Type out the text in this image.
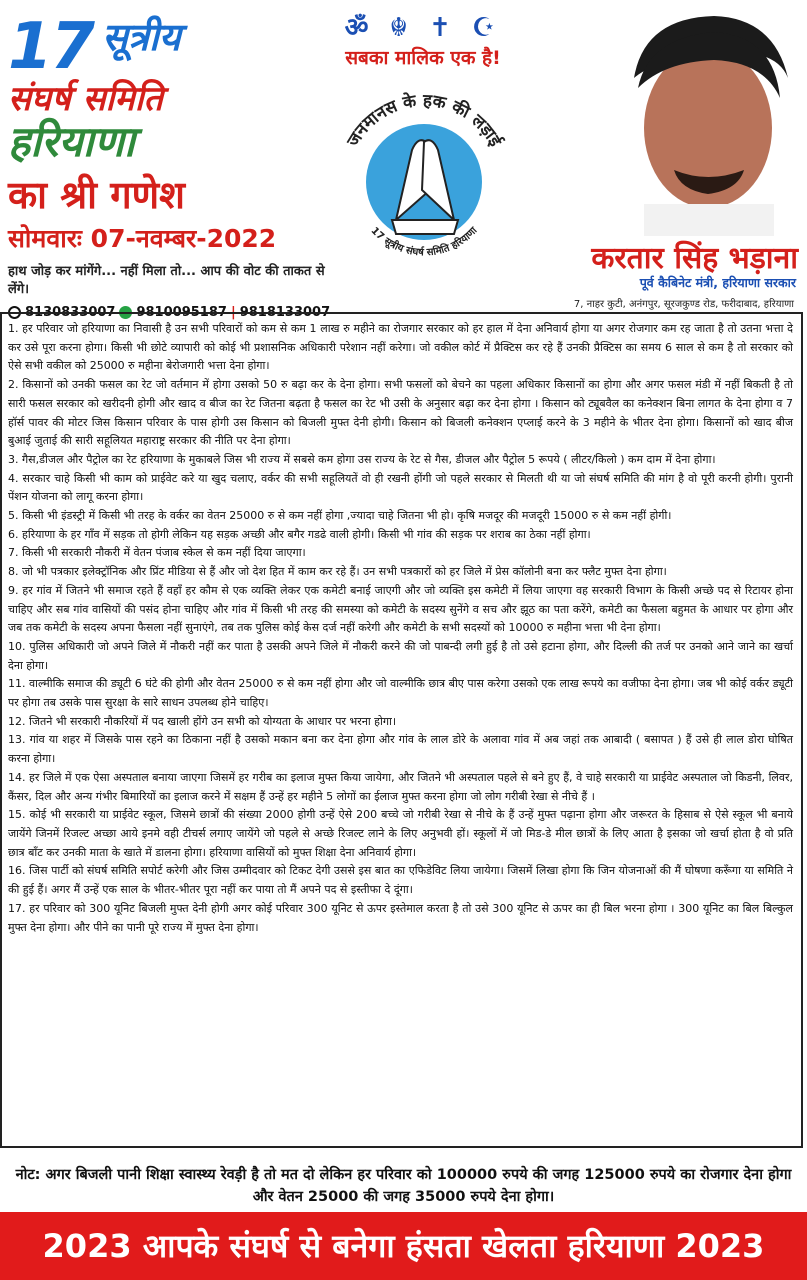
17 सूत्रीय
संघर्ष समिति
हरियाणा
का श्री गणेश
सोमवारः 07-नवम्बर-2022
हाथ जोड़ कर मांगेंगे... नहीं मिला तो... आप की वोट की ताकत से लेंगे।
8130833007 9810095187 | 9818133007
ॐ ☬ ✝ ☪
सबका मालिक एक है!
जनमानस के हक की लड़ाई
17 सूत्रीय संघर्ष समिति हरियाणा
करतार सिंह भड़ाना
पूर्व कैबिनेट मंत्री, हरियाणा सरकार
7, नाहर कुटी, अनंगपुर, सूरजकुण्ड रोड, फरीदाबाद, हरियाणा

1. हर परिवार जो हरियाणा का निवासी है उन सभी परिवारों को कम से कम 1 लाख रु महीने का रोजगार सरकार को हर हाल में देना अनिवार्य होगा या अगर रोजगार कम रह जाता है तो उतना भत्ता दे कर उसे पूरा करना होगा। किसी भी छोटे व्यापारी को कोई भी प्रशासनिक अधिकारी परेशान नहीं करेगा। जो वकील कोर्ट में प्रैक्टिस कर रहे हैं उनकी प्रैक्टिस का समय 6 साल से कम है तो सरकार को ऐसे सभी वकील को 25000 रु महीना बेरोजगारी भत्ता देना होगा।

2. किसानों को उनकी फसल का रेट जो वर्तमान में होगा उसको 50 रु बढ़ा कर के देना होगा। सभी फसलों को बेचने का पहला अधिकार किसानों का होगा और अगर फसल मंडी में नहीं बिकती है तो सारी फसल सरकार को खरीदनी होगी और खाद व बीज का रेट जितना बढ़ता है फसल का रेट भी उसी के अनुसार बढ़ा कर देना होगा । किसान को ट्यूबवैल का कनेक्शन बिना लागत के देना होगा व 7 हॉर्स पावर की मोटर जिस किसान परिवार के पास होगी उस किसान को बिजली मुफ्त देनी होगी। किसान को बिजली कनेक्शन एप्लाई करने के 3 महीने के भीतर देना होगा। किसानों को खाद बीज बुआई जुताई की सारी सहूलियत महाराष्ट्र सरकार की नीति पर देना होगा।

3. गैस,डीजल और पैट्रोल का रेट हरियाणा के मुकाबले जिस भी राज्य में सबसे कम होगा उस राज्य के रेट से गैस, डीजल और पैट्रोल 5 रूपये ( लीटर/किलो ) कम दाम में देना होगा।

4. सरकार चाहे किसी भी काम को प्राईवेट करे या खुद चलाए, वर्कर की सभी सहूलियतें वो ही रखनी होंगी जो पहले सरकार से मिलती थी या जो संघर्ष समिति की मांग है वो पूरी करनी होगी। पुरानी पेंशन योजना को लागू करना होगा।

5. किसी भी इंडस्ट्री में किसी भी तरह के वर्कर का वेतन 25000 रु से कम नहीं होगा ,ज्यादा चाहे जितना भी हो। कृषि मजदूर की मजदूरी 15000 रु से कम नहीं होगी।

6. हरियाणा के हर गाँव में सड़क तो होगी लेकिन यह सड़क अच्छी और बगैर गडढे वाली होगी। किसी भी गांव की सड़क पर शराब का ठेका नहीं होगा।

7. किसी भी सरकारी नौकरी में वेतन पंजाब स्केल से कम नहीं दिया जाएगा।

8. जो भी पत्रकार इलेक्ट्रॉनिक और प्रिंट मीडिया से हैं और जो देश हित में काम कर रहे हैं। उन सभी पत्रकारों को हर जिले में प्रेस कॉलोनी बना कर फ्लैट मुफ्त देना होगा।

9. हर गांव में जितने भी समाज रहते हैं वहाँ हर कौम से एक व्यक्ति लेकर एक कमेटी बनाई जाएगी और जो व्यक्ति इस कमेटी में लिया जाएगा वह सरकारी विभाग के किसी अच्छे पद से रिटायर होना चाहिए और सब गांव वासियों की पसंद होना चाहिए और गांव में किसी भी तरह की समस्या को कमेटी के सदस्य सुनेंगे व सच और झूठ का पता करेंगे, कमेटी का फैसला बहुमत के आधार पर होगा और जब तक कमेटी के सदस्य अपना फैसला नहीं सुनाएंगे, तब तक पुलिस कोई केस दर्ज नहीं करेगी और कमेटी के सभी सदस्यों को 10000 रु महीना भत्ता भी देना होगा।

10. पुलिस अधिकारी जो अपने जिले में नौकरी नहीं कर पाता है उसकी अपने जिले में नौकरी करने की जो पाबन्दी लगी हुई है तो उसे हटाना होगा, और दिल्ली की तर्ज पर उनको आने जाने का खर्चा देना होगा।

11. वाल्मीकि समाज की ड्यूटी 6 घंटे की होगी और वेतन 25000 रु से कम नहीं होगा और जो वाल्मीकि छात्र बीए पास करेगा उसको एक लाख रूपये का वजीफा देना होगा। जब भी कोई वर्कर ड्यूटी पर होगा तब उसके पास सुरक्षा के सारे साधन उपलब्ध होने चाहिए।

12. जितने भी सरकारी नौकरियों में पद खाली होंगे उन सभी को योग्यता के आधार पर भरना होगा।

13. गांव या शहर में जिसके पास रहने का ठिकाना नहीं है उसको मकान बना कर देना होगा और गांव के लाल डोरे के अलावा गांव में अब जहां तक आबादी ( बसापत ) हैं उसे ही लाल डोरा घोषित करना होगा।

14. हर जिले में एक ऐसा अस्पताल बनाया जाएगा जिसमें हर गरीब का इलाज मुफ्त किया जायेगा, और जितने भी अस्पताल पहले से बने हुए हैं, वे चाहे सरकारी या प्राईवेट अस्पताल जो किडनी, लिवर, कैंसर, दिल और अन्य गंभीर बिमारियों का इलाज करने में सक्षम हैं उन्हें हर महीने 5 लोगों का ईलाज मुफ्त करना होगा जो लोग गरीबी रेखा से नीचे हैं ।

15. कोई भी सरकारी या प्राईवेट स्कूल, जिसमे छात्रों की संख्या 2000 होगी उन्हें ऐसे 200 बच्चे जो गरीबी रेखा से नीचे के हैं उन्हें मुफ्त पढ़ाना होगा और जरूरत के हिसाब से ऐसे स्कूल भी बनाये जायेंगे जिनमें रिजल्ट अच्छा आये इनमे वही टीचर्स लगाए जायेंगे जो पहले से अच्छे रिजल्ट लाने के लिए अनुभवी हों। स्कूलों में जो मिड-डे मील छात्रों के लिए आता है इसका जो खर्चा होता है वो प्रति छात्र बाँट कर उनकी माता के खाते में डालना होगा। हरियाणा वासियों को मुफ्त शिक्षा देना अनिवार्य होगा।

16. जिस पार्टी को संघर्ष समिति सपोर्ट करेगी और जिस उम्मीदवार को टिकट देगी उससे इस बात का एफिडेविट लिया जायेगा। जिसमें लिखा होगा कि जिन योजनाओं की मैं घोषणा करूँगा या समिति ने की हुई हैं। अगर मैं उन्हें एक साल के भीतर-भीतर पूरा नहीं कर पाया तो मैं अपने पद से इस्तीफा दे दूंगा।

17. हर परिवार को 300 यूनिट बिजली मुफ्त देनी होगी अगर कोई परिवार 300 यूनिट से ऊपर इस्तेमाल करता है तो उसे 300 यूनिट से ऊपर का ही बिल भरना होगा । 300 यूनिट का बिल बिल्कुल मुफ्त देना होगा। और पीने का पानी पूरे राज्य में मुफ्त देना होगा।

नोट: अगर बिजली पानी शिक्षा स्वास्थ्य रेवड़ी है तो मत दो लेकिन हर परिवार को 100000 रुपये की जगह 125000 रुपये का रोजगार देना होगा और वेतन 25000 की जगह 35000 रुपये देना होगा।
2023 आपके संघर्ष से बनेगा हंसता खेलता हरियाणा 2023
